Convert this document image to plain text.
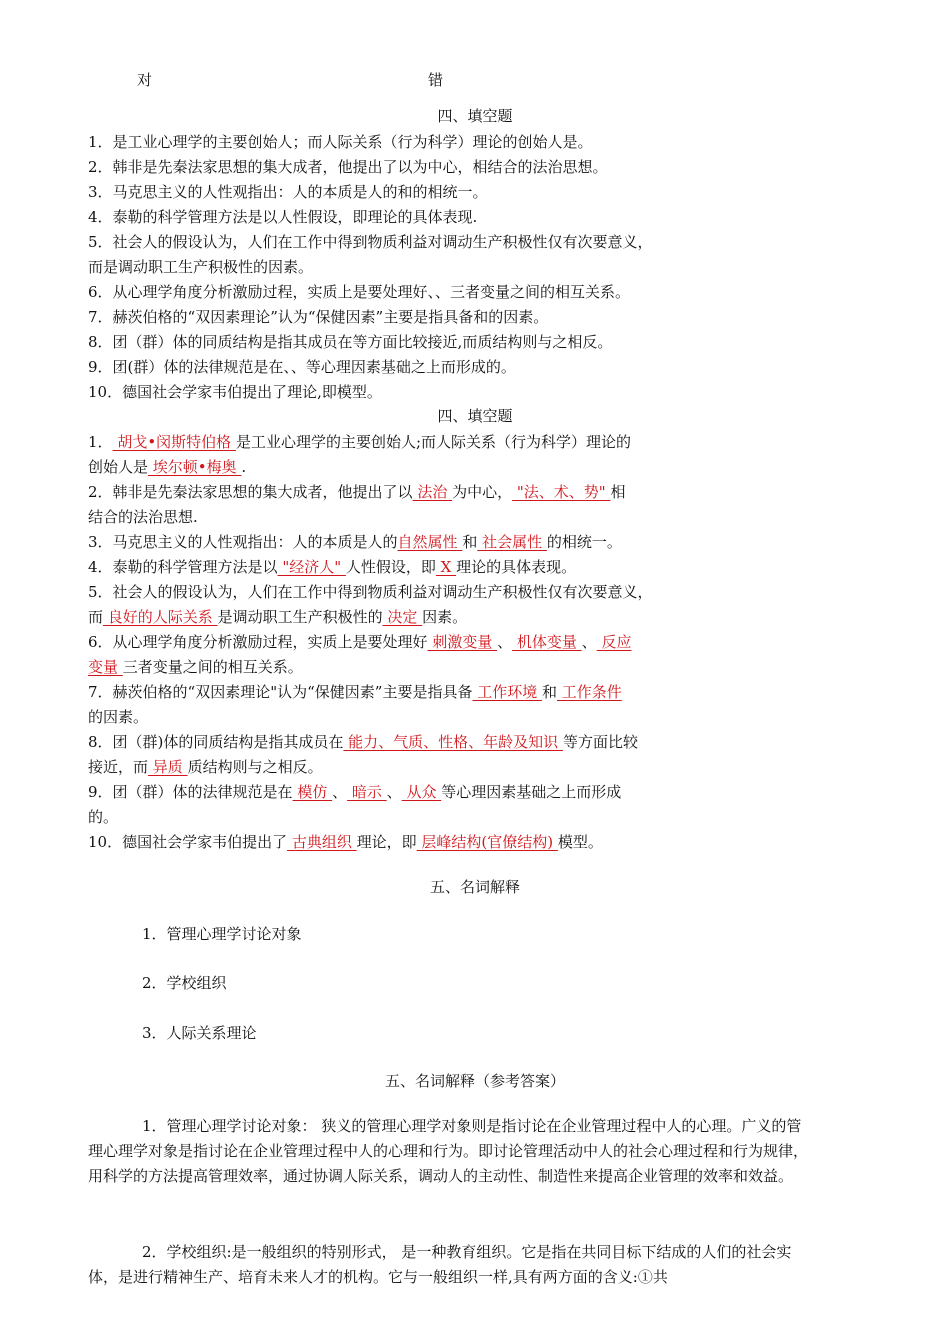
对	错
四、填空题
1．是工业心理学的主要创始人；而人际关系（行为科学）理论的创始人是。
2．韩非是先秦法家思想的集大成者，他提出了以为中心，相结合的法治思想。
3．马克思主义的人性观指出：人的本质是人的和的相统一。
4．泰勒的科学管理方法是以人性假设，即理论的具体表现.
5．社会人的假设认为，人们在工作中得到物质利益对调动生产积极性仅有次要意义，
而是调动职工生产积极性的因素。
6．从心理学角度分析激励过程，实质上是要处理好、、三者变量之间的相互关系。
7．赫茨伯格的“双因素理论”认为“保健因素”主要是指具备和的因素。
8．团（群）体的同质结构是指其成员在等方面比较接近,而质结构则与之相反。
9．团(群）体的法律规范是在、、等心理因素基础之上而形成的。
10．德国社会学家韦伯提出了理论,即模型。
四、填空题
1． 胡戈•闵斯特伯格 是工业心理学的主要创始人;而人际关系（行为科学）理论的
创始人是 埃尔顿•梅奥 .
2．韩非是先秦法家思想的集大成者，他提出了以 法治 为中心， "法、术、势" 相
结合的法治思想.
3．马克思主义的人性观指出：人的本质是人的自然属性 和 社会属性 的相统一。
4．泰勒的科学管理方法是以 "经济人" 人性假设，即 X 理论的具体表现。
5．社会人的假设认为，人们在工作中得到物质利益对调动生产积极性仅有次要意义，
而 良好的人际关系 是调动职工生产积极性的 决定 因素。
6．从心理学角度分析激励过程，实质上是要处理好 刺激变量 、 机体变量 、 反应
变量 三者变量之间的相互关系。
7．赫茨伯格的“双因素理论"认为“保健因素”主要是指具备 工作环境 和 工作条件
的因素。
8．团（群)体的同质结构是指其成员在 能力、气质、性格、年龄及知识 等方面比较
接近，而 异质 质结构则与之相反。
9．团（群）体的法律规范是在 模仿 、 暗示 、 从众 等心理因素基础之上而形成
的。
10．德国社会学家韦伯提出了 古典组织 理论，即 层峰结构(官僚结构) 模型。
五、名词解释
1．管理心理学讨论对象
2．学校组织
3．人际关系理论
五、名词解释（参考答案）
1．管理心理学讨论对象： 狭义的管理心理学对象则是指讨论在企业管理过程中人的心理。广义的管理心理学对象是指讨论在企业管理过程中人的心理和行为。即讨论管理活动中人的社会心理过程和行为规律，用科学的方法提高管理效率，通过协调人际关系，调动人的主动性、制造性来提高企业管理的效率和效益。
2．学校组织:是一般组织的特别形式， 是一种教育组织。它是指在共同目标下结成的人们的社会实体，是进行精神生产、培育未来人才的机构。它与一般组织一样,具有两方面的含义:①共
